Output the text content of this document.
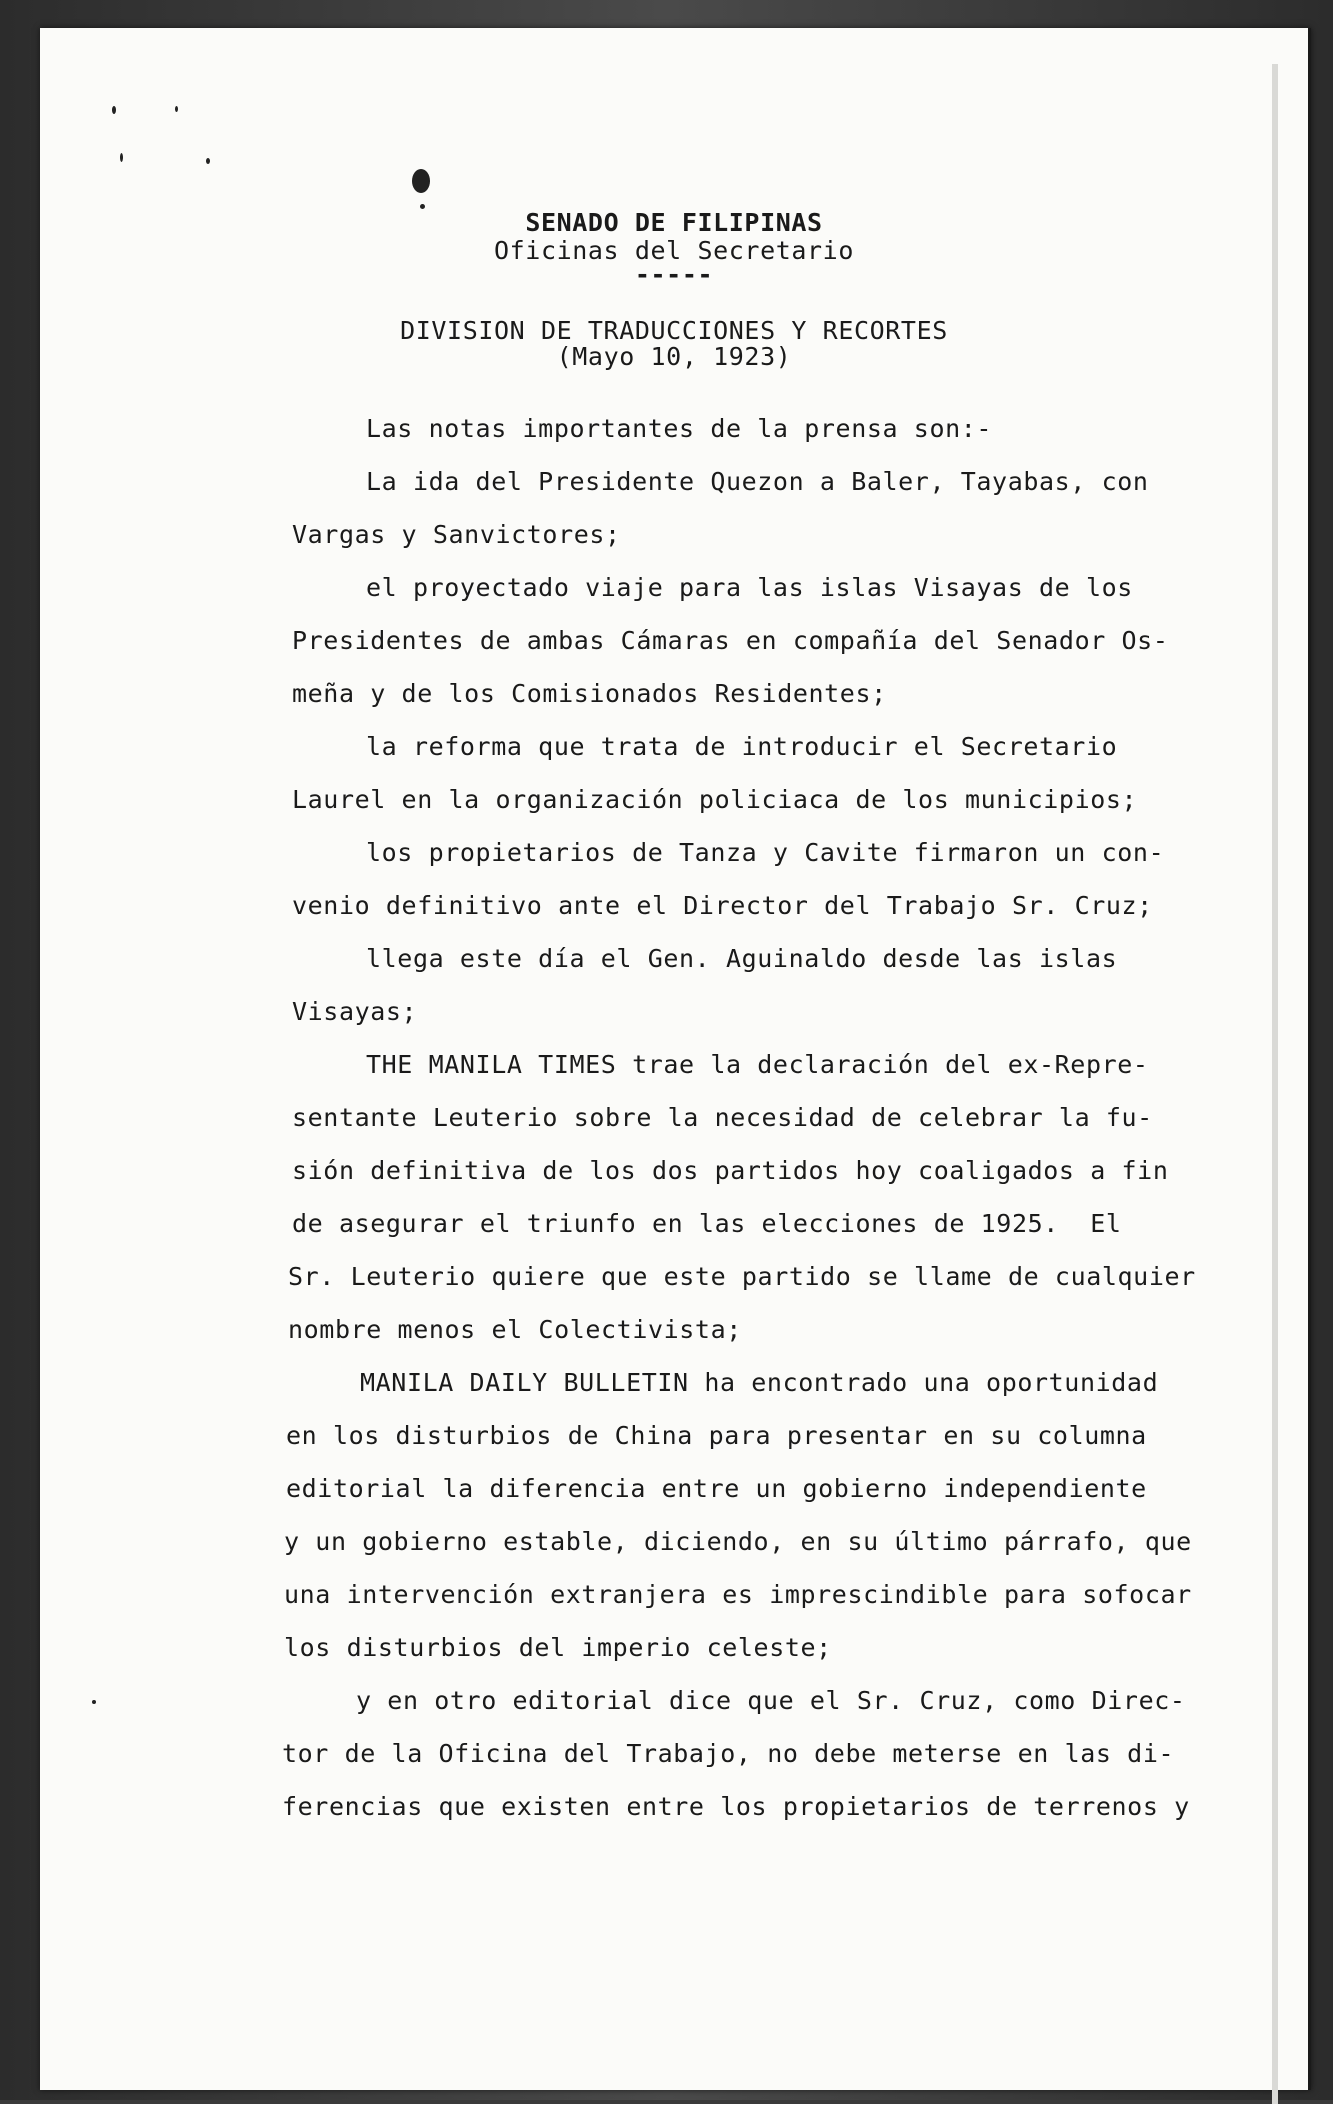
SENADO DE FILIPINAS
Oficinas del Secretario
-----
DIVISION DE TRADUCCIONES Y RECORTES
(Mayo 10, 1923)
Las notas importantes de la prensa son:-
La ida del Presidente Quezon a Baler, Tayabas, con
Vargas y Sanvictores;
el proyectado viaje para las islas Visayas de los
Presidentes de ambas Cámaras en compañía del Senador Os-
meña y de los Comisionados Residentes;
la reforma que trata de introducir el Secretario
Laurel en la organización policiaca de los municipios;
los propietarios de Tanza y Cavite firmaron un con-
venio definitivo ante el Director del Trabajo Sr. Cruz;
llega este día el Gen. Aguinaldo desde las islas
Visayas;
THE MANILA TIMES trae la declaración del ex-Repre-
sentante Leuterio sobre la necesidad de celebrar la fu-
sión definitiva de los dos partidos hoy coaligados a fin
de asegurar el triunfo en las elecciones de 1925.  El
Sr. Leuterio quiere que este partido se llame de cualquier
nombre menos el Colectivista;
MANILA DAILY BULLETIN ha encontrado una oportunidad
en los disturbios de China para presentar en su columna
editorial la diferencia entre un gobierno independiente
y un gobierno estable, diciendo, en su último párrafo, que
una intervención extranjera es imprescindible para sofocar
los disturbios del imperio celeste;
y en otro editorial dice que el Sr. Cruz, como Direc-
tor de la Oficina del Trabajo, no debe meterse en las di-
ferencias que existen entre los propietarios de terrenos y
